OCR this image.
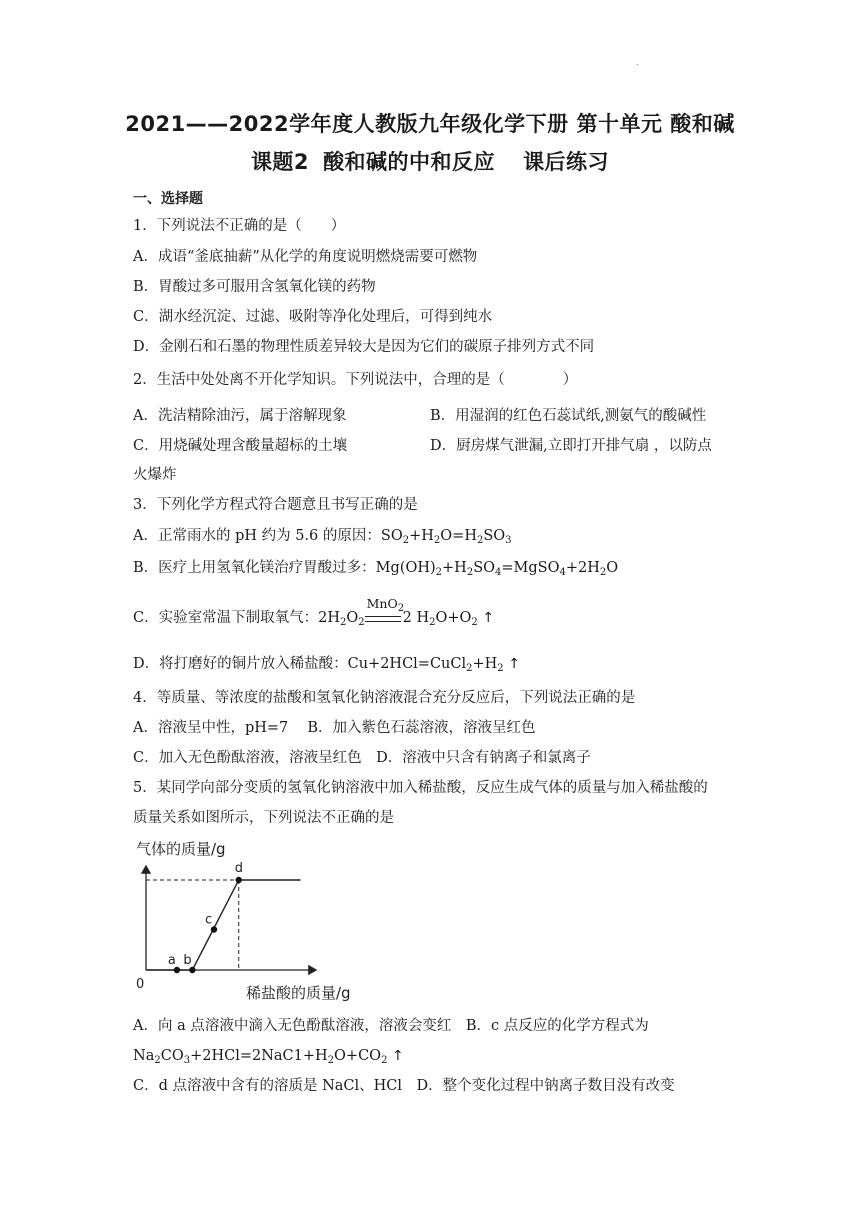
.
2021——2022学年度人教版九年级化学下册 第十单元 酸和碱
课题2 酸和碱的中和反应 课后练习
一、选择题
1．下列说法不正确的是（　　）
A．成语“釜底抽薪”从化学的角度说明燃烧需要可燃物
B．胃酸过多可服用含氢氧化镁的药物
C．湖水经沉淀、过滤、吸附等净化处理后，可得到纯水
D．金刚石和石墨的物理性质差异较大是因为它们的碳原子排列方式不同
2．生活中处处离不开化学知识。下列说法中，合理的是（　　　　）
A．洗洁精除油污，属于溶解现象	B．用湿润的红色石蕊试纸,测氨气的酸碱性
C．用烧碱处理含酸量超标的土壤	D．厨房煤气泄漏,立即打开排气扇 ，以防点
火爆炸
3．下列化学方程式符合题意且书写正确的是
A．正常雨水的 pH 约为 5.6 的原因：$SO_2+H_2O=H_2SO_3$
B．医疗上用氢氧化镁治疗胃酸过多：$Mg(OH)_2+H_2SO_4=MgSO_4+2H_2O$
C．实验室常温下制取氧气：$2H_2O_2$
MnO$_2$
2 $H_2O+O_2$ ↑
D．将打磨好的铜片放入稀盐酸：$Cu+2HCl=CuCl_2+H_2$ ↑
4．等质量、等浓度的盐酸和氢氧化钠溶液混合充分反应后，下列说法正确的是
A．溶液呈中性，pH=7　 B．加入紫色石蕊溶液，溶液呈红色
C．加入无色酚酞溶液，溶液呈红色　D．溶液中只含有钠离子和氯离子
5．某同学向部分变质的氢氧化钠溶液中加入稀盐酸，反应生成气体的质量与加入稀盐酸的
质量关系如图所示，下列说法不正确的是
气体的质量/g
0	稀盐酸的质量/g
a b
c
d
A．向 a 点溶液中滴入无色酚酞溶液，溶液会变红　B．c 点反应的化学方程式为
$Na_2CO_3+2HCl=2NaC1+H_2O+CO_2$ ↑
C．d 点溶液中含有的溶质是 NaCl、HCl　D．整个变化过程中钠离子数目没有改变
